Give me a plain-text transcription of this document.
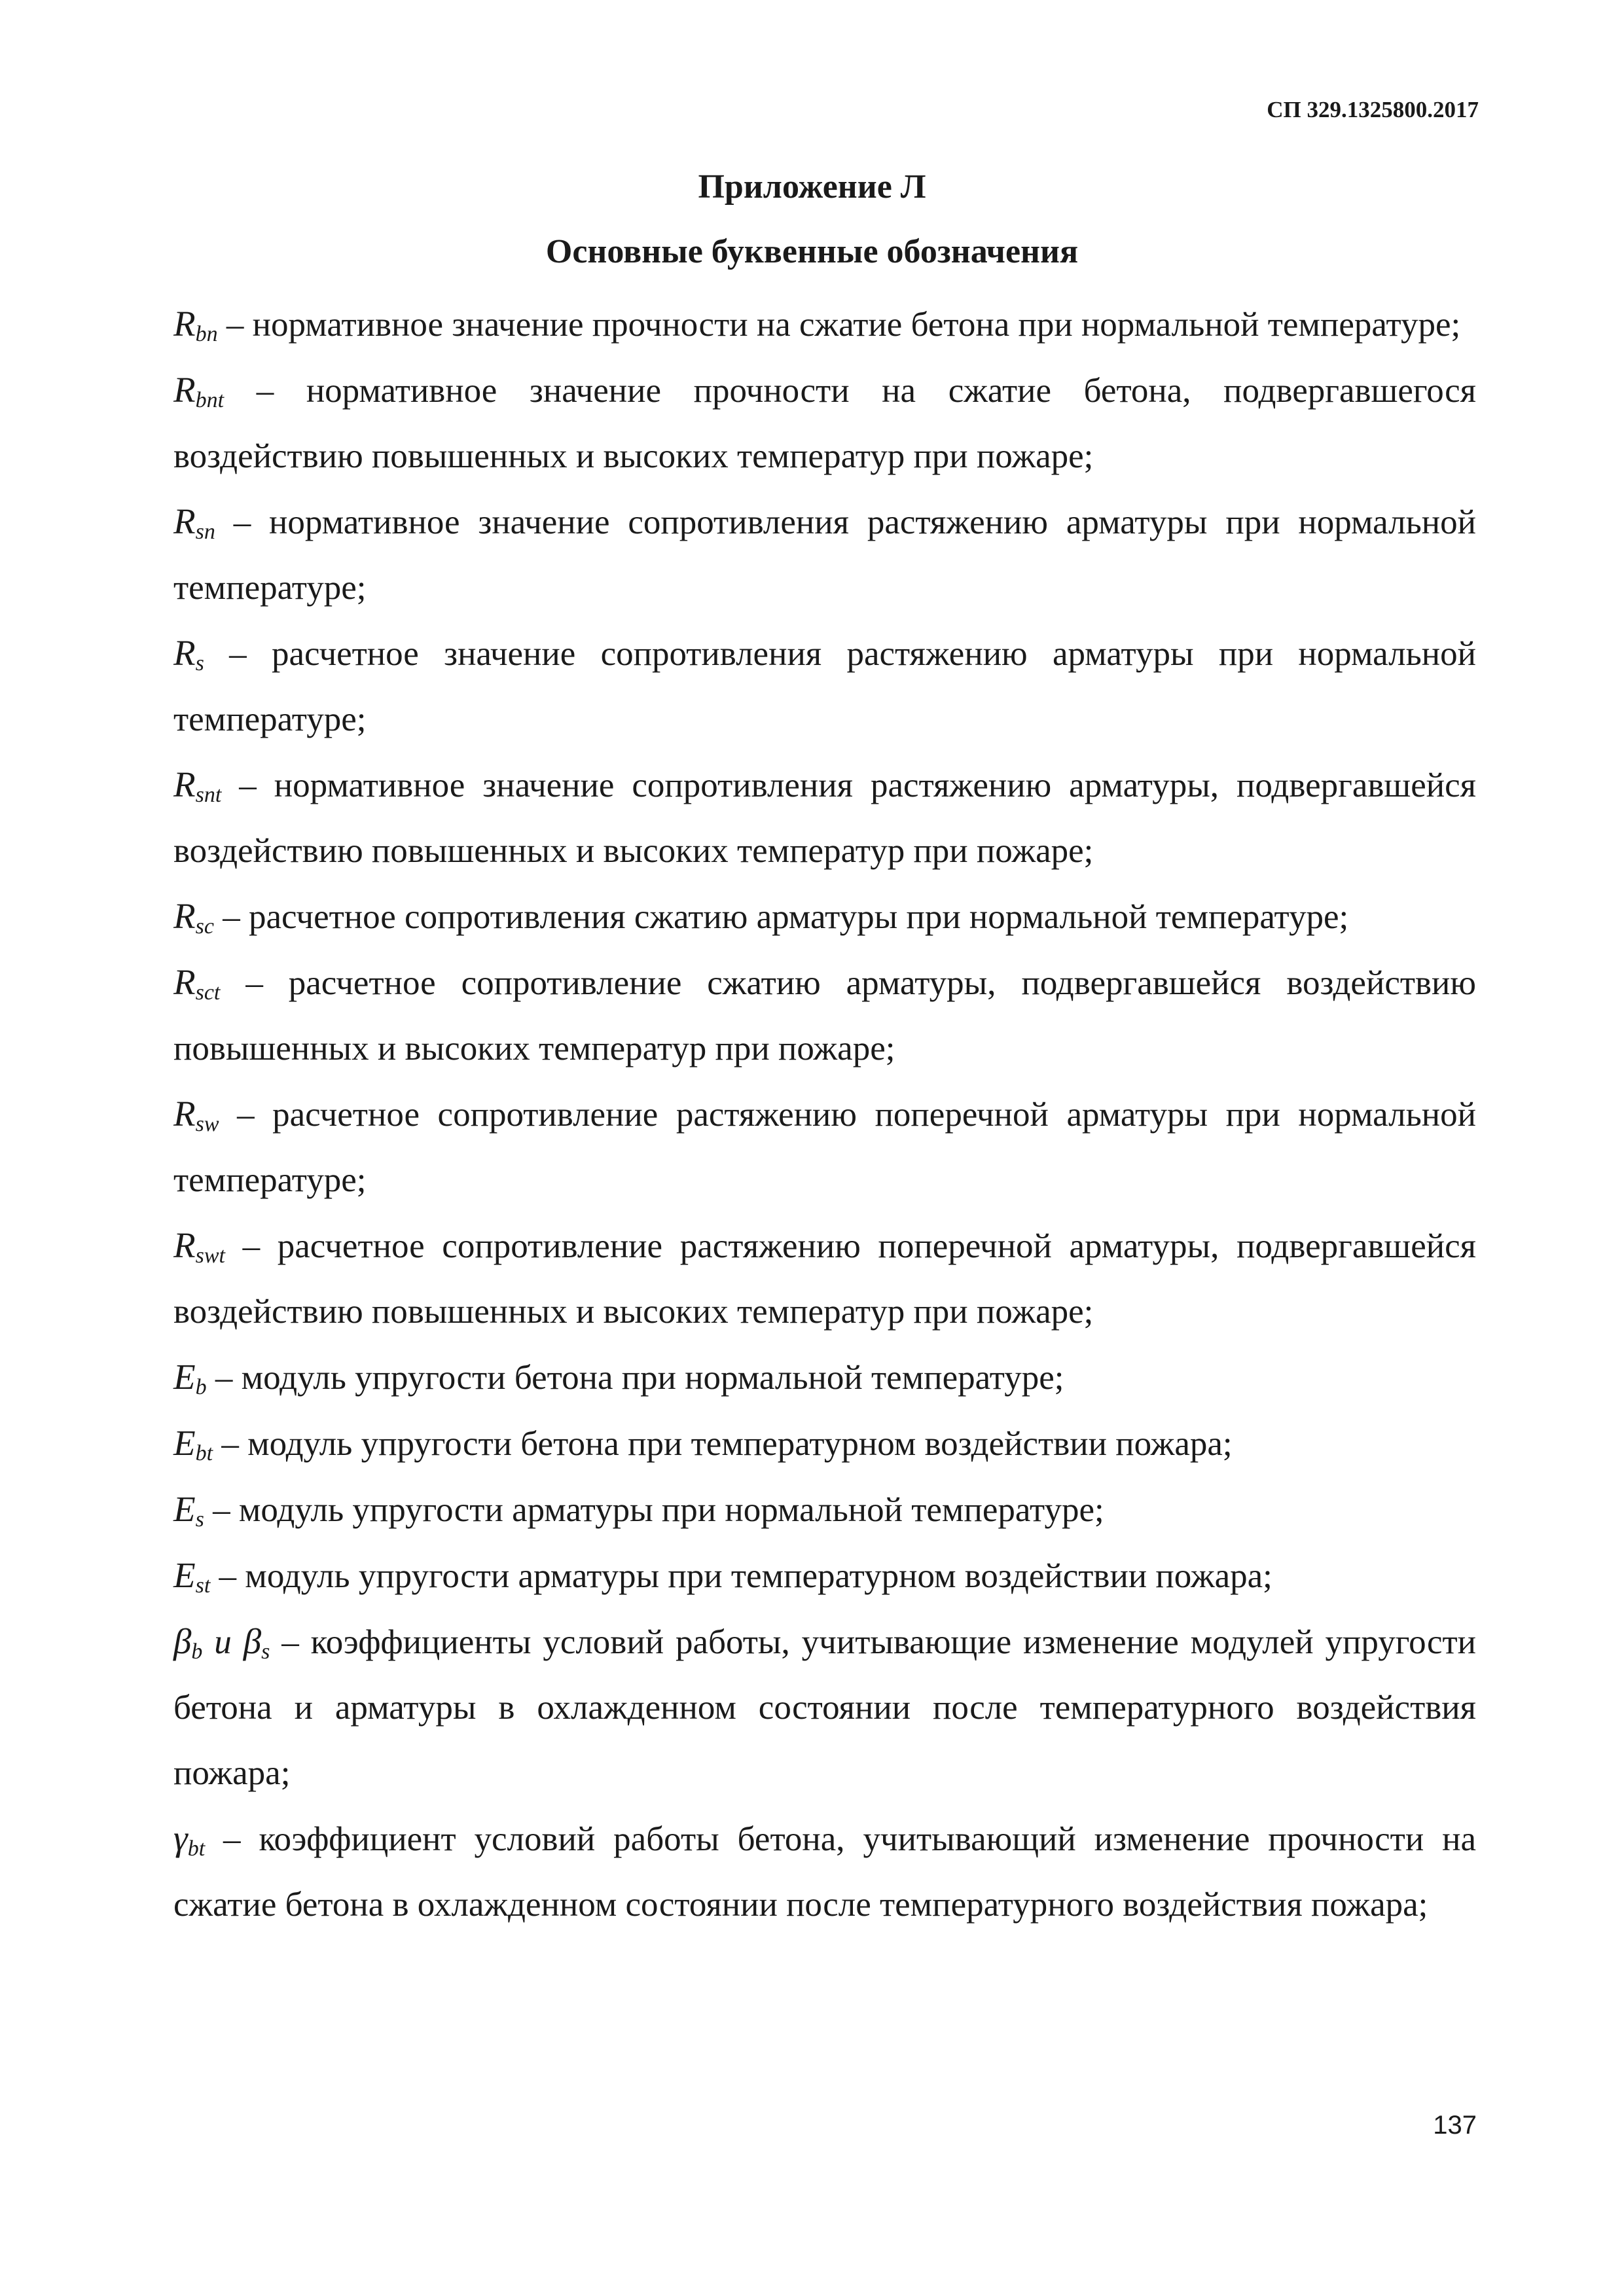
СП 329.1325800.2017
Приложение Л
Основные буквенные обозначения

$R_{bn}$ – нормативное значение прочности на сжатие бетона при нормальной температуре;

$R_{bnt}$ – нормативное значение прочности на сжатие бетона, подвергавшегося воздействию повышенных и высоких температур при пожаре;

$R_{sn}$ – нормативное значение сопротивления растяжению арматуры при нормальной температуре;

$R_s$ – расчетное значение сопротивления растяжению арматуры при нормальной температуре;

$R_{snt}$ – нормативное значение сопротивления растяжению арматуры, подвергавшейся воздействию повышенных и высоких температур при пожаре;

$R_{sc}$ – расчетное сопротивления сжатию арматуры при нормальной температуре;

$R_{sct}$ – расчетное сопротивление сжатию арматуры, подвергавшейся воздействию повышенных и высоких температур при пожаре;

$R_{sw}$ – расчетное сопротивление растяжению поперечной арматуры при нормальной температуре;

$R_{swt}$ – расчетное сопротивление растяжению поперечной арматуры, подвергавшейся воздействию повышенных и высоких температур при пожаре;

$E_b$ – модуль упругости бетона при нормальной температуре;

$E_{bt}$ – модуль упругости бетона при температурном воздействии пожара;

$E_s$ – модуль упругости арматуры при нормальной температуре;

$E_{st}$ – модуль упругости арматуры при температурном воздействии пожара;

$\beta_b$ и $\beta_s$ – коэффициенты условий работы, учитывающие изменение модулей упругости бетона и арматуры в охлажденном состоянии после температурного воздействия пожара;

$\gamma_{bt}$ – коэффициент условий работы бетона, учитывающий изменение прочности на сжатие бетона в охлажденном состоянии после температурного воздействия пожара;

137
